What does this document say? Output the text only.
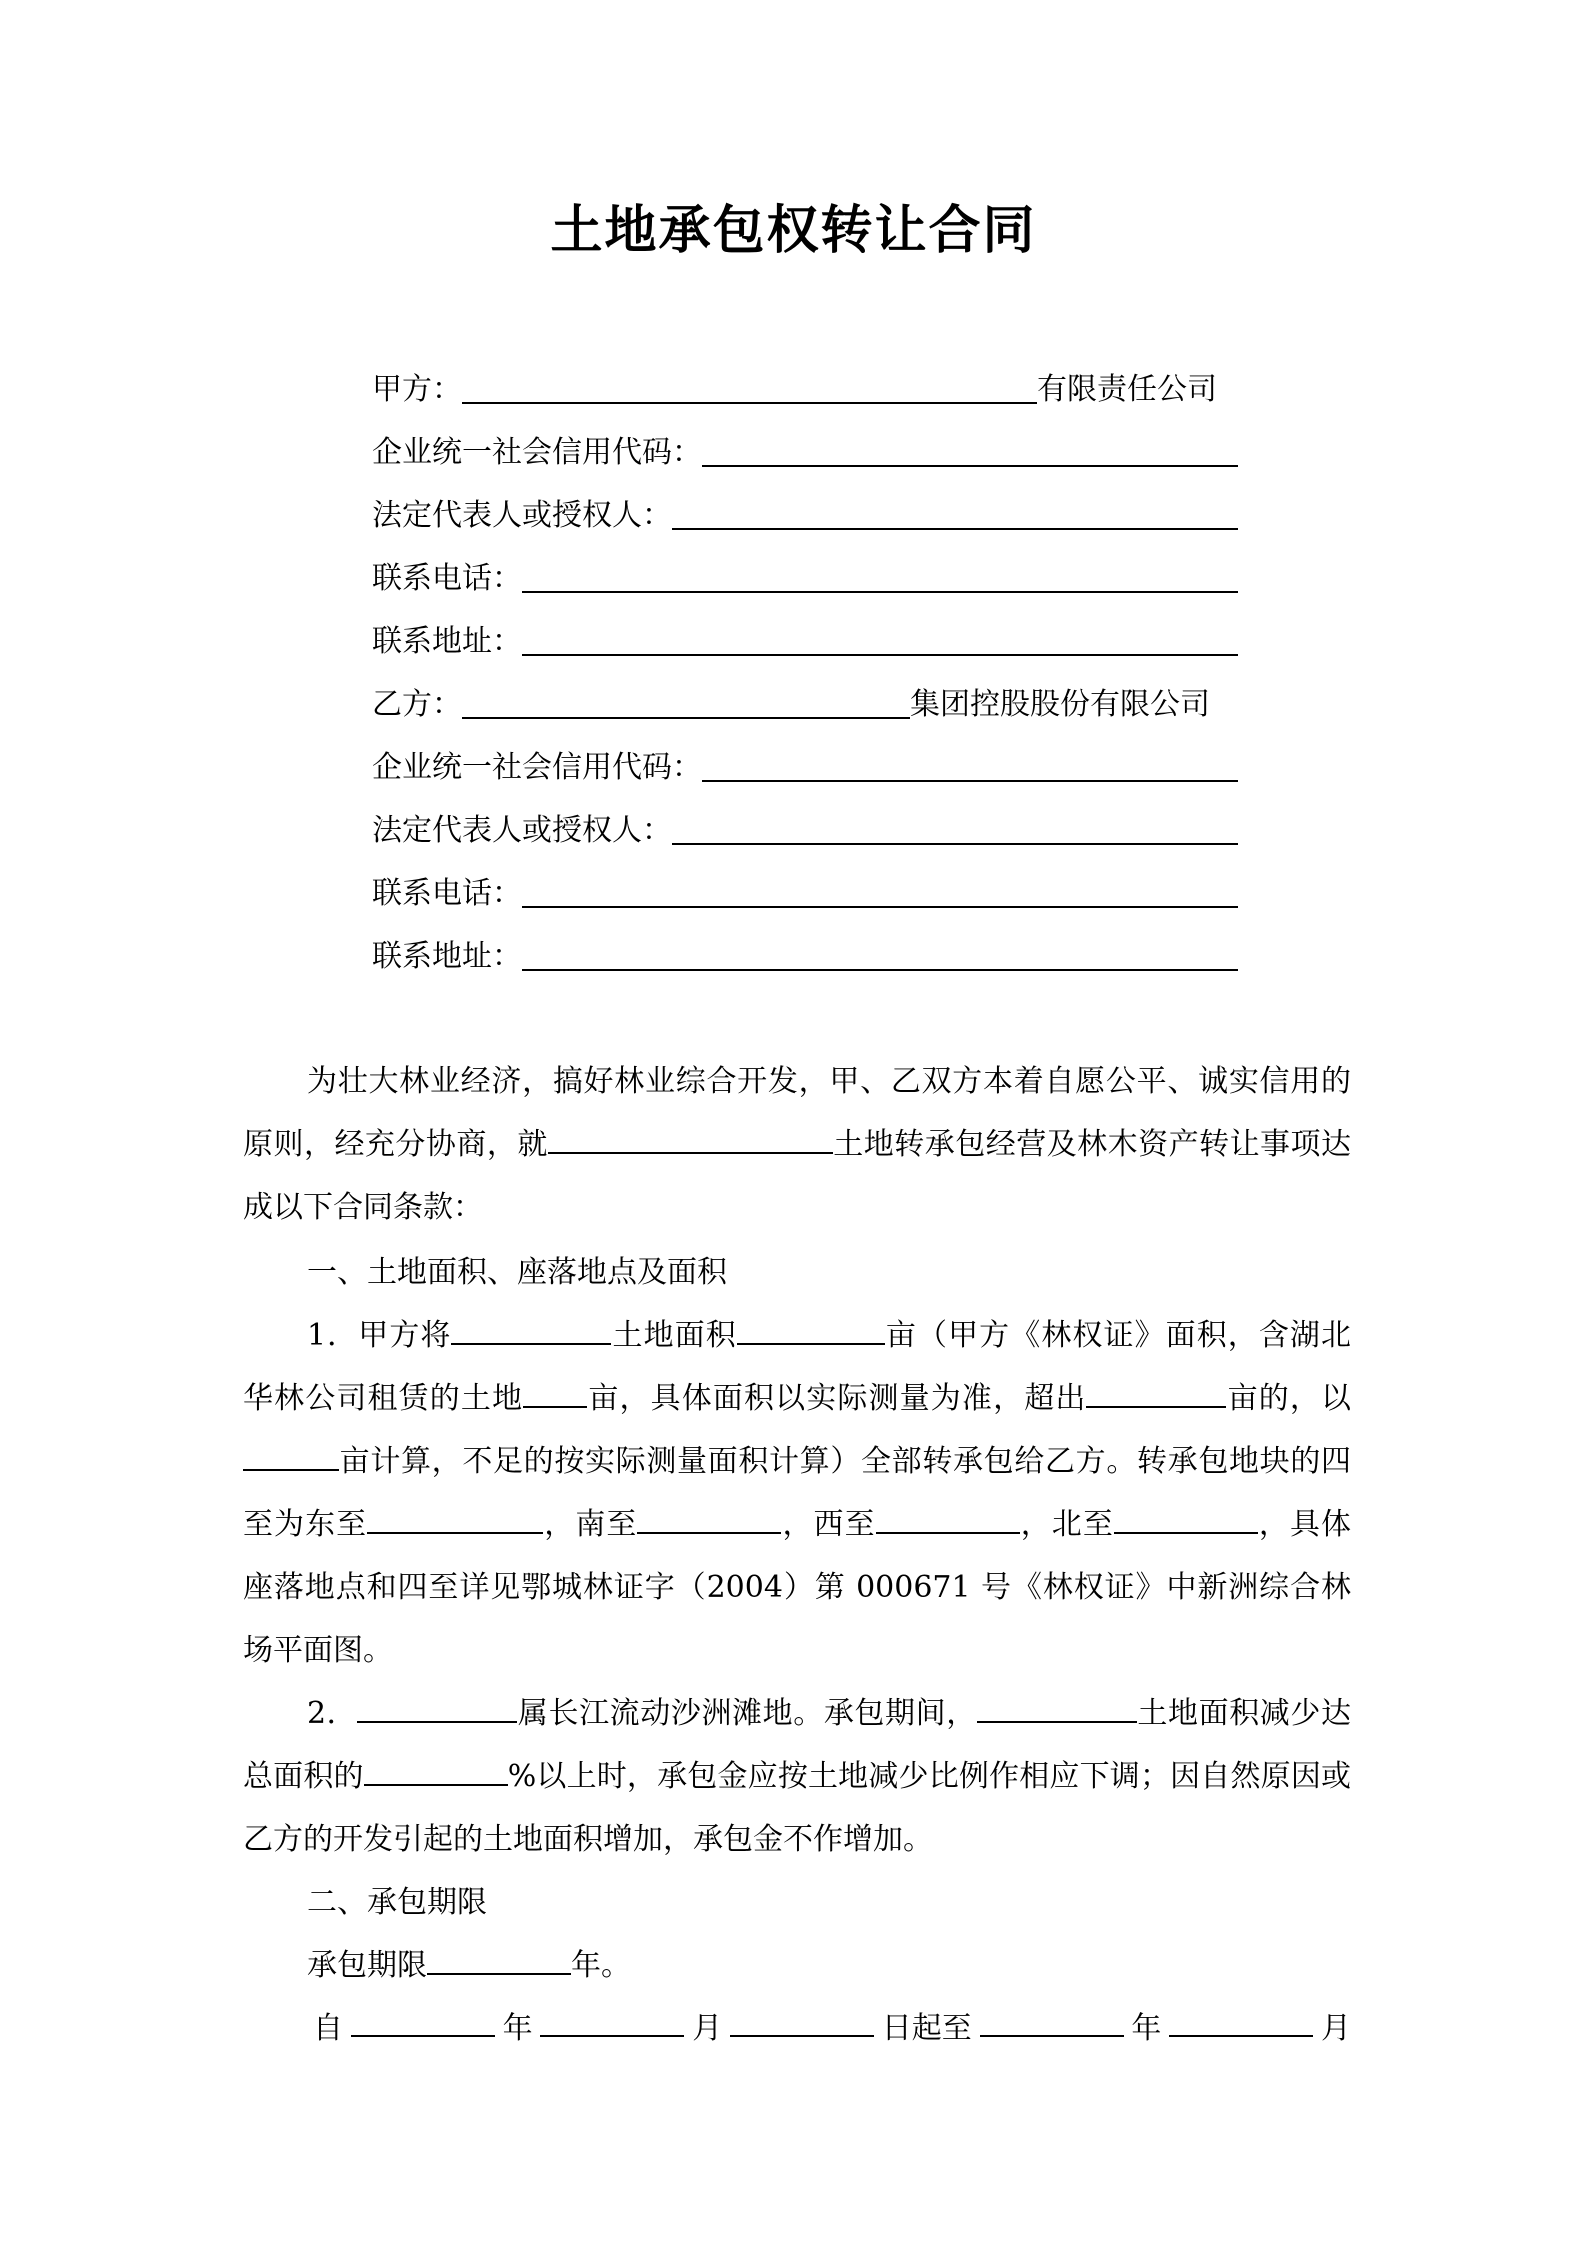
土地承包权转让合同
甲方：	有限责任公司
企业统一社会信用代码：
法定代表人或授权人：
联系电话：
联系地址：
乙方：	集团控股股份有限公司
企业统一社会信用代码：
法定代表人或授权人：
联系电话：
联系地址：

为壮大林业经济，搞好林业综合开发，甲、乙双方本着自愿公平、诚实信用的原则，经充分协商，就	土地转承包经营及林木资产转让事项达成以下合同条款：

一、土地面积、座落地点及面积

1．甲方将	土地面积	亩（甲方《林权证》面积，含湖北华林公司租赁的土地 亩，具体面积以实际测量为准，超出	亩的，以亩计算，不足的按实际测量面积计算）全部转承包给乙方。转承包地块的四至为东至	，南至	，西至	，北至	，具体座落地点和四至详见鄂城林证字（2004）第 000671 号《林权证》中新洲综合林场平面图。

2．	属长江流动沙洲滩地。承包期间，	土地面积减少达总面积的	%以上时，承包金应按土地减少比例作相应下调；因自然原因或乙方的开发引起的土地面积增加，承包金不作增加。

二、承包期限
承包期限	年。
自	年	月	日起至	年	月
